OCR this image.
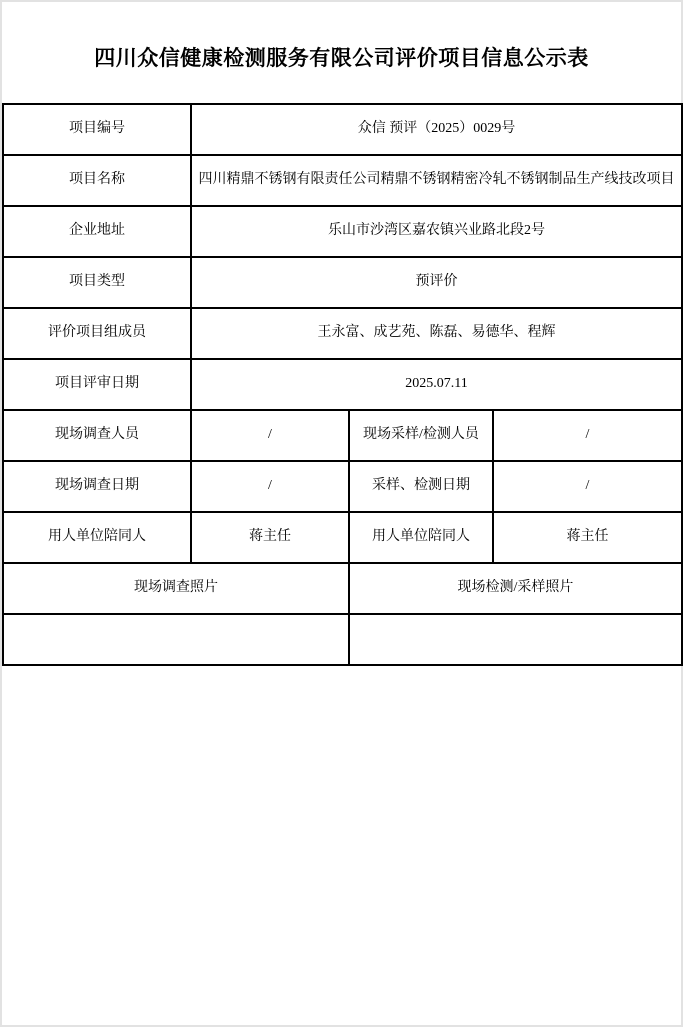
四川众信健康检测服务有限公司评价项目信息公示表
项目编号	众信 预评（2025）0029号		
项目名称	四川精鼎不锈钢有限责任公司精鼎不锈钢精密冷轧不锈钢制品生产线技改项目		
企业地址	乐山市沙湾区嘉农镇兴业路北段2号		
项目类型	预评价		
评价项目组成员	王永富、成艺苑、陈磊、易德华、程辉		
项目评审日期	2025.07.11		
现场调查人员	/	现场采样/检测人员	/
现场调查日期	/	采样、检测日期	/
用人单位陪同人	蒋主任	用人单位陪同人	蒋主任
现场调查照片		现场检测/采样照片	
